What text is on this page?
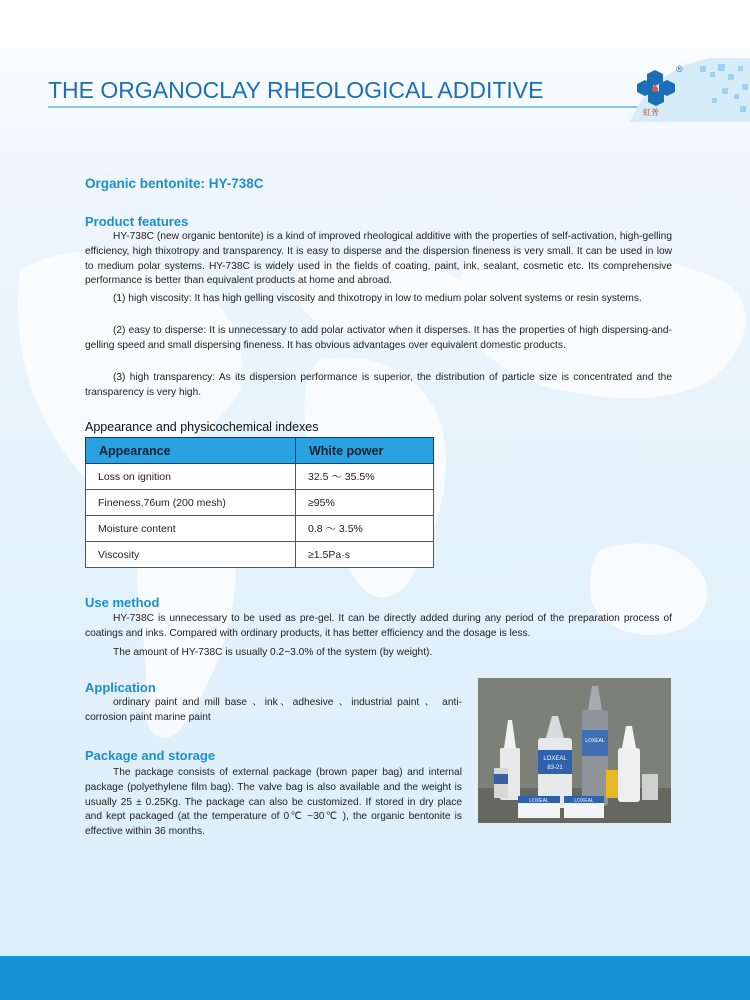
THE ORGANOCLAY RHEOLOGICAL ADDITIVE
®
虹普
Organic bentonite: HY-738C
Product features

HY-738C (new organic bentonite) is a kind of improved rheological additive with the properties of self-activation, high-gelling efficiency, high thixotropy and transparency. It is easy to disperse and the dispersion fineness is very small. It can be used in low to medium polar systems. HY-738C is widely used in the fields of coating, paint, ink, sealant, cosmetic etc. Its comprehensive performance is better than equivalent products at home and abroad.

(1) high viscosity: It has high gelling viscosity and thixotropy in low to medium polar solvent systems or resin systems.

(2) easy to disperse: It is unnecessary to add polar activator when it disperses. It has the properties of high dispersing-and-gelling speed and small dispersing fineness. It has obvious advantages over equivalent domestic products.

(3) high transparency: As its dispersion performance is superior, the distribution of particle size is concentrated and the transparency is very high.

Appearance and physicochemical indexes
Appearance	White power
Loss on ignition	32.5 ～ 35.5%
Fineness,76um (200 mesh)	≥95%
Moisture content	0.8 ～ 3.5%
Viscosity	≥1.5Pa·s
Use method

HY-738C is unnecessary to be used as pre-gel. It can be directly added during any period of the preparation process of coatings and inks. Compared with ordinary products, it has better efficiency and the dosage is less.

The amount of HY-738C is usually 0.2~3.0% of the system (by weight).

Application

ordinary paint and mill base 、ink、adhesive 、industrial paint 、 anti-corrosion paint marine paint

Package and storage

The package consists of external package (brown paper bag) and internal package (polyethylene film bag). The valve bag is also available and the weight is usually 25 ± 0.25Kg. The package can also be customized. If stored in dry place and kept packaged (at the temperature of 0℃ ~30℃ ), the organic bentonite is effective within 36 months.

LOXEAL
83-21
LOXEAL
LOXEAL	LOXEAL
